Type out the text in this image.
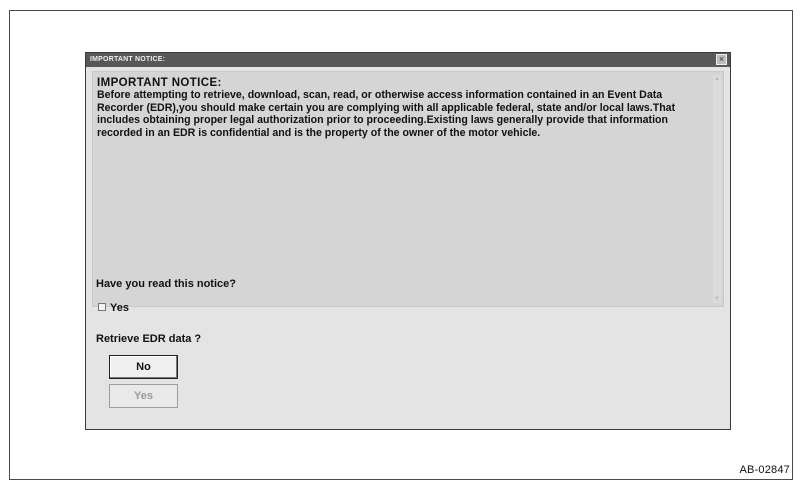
IMPORTANT NOTICE:	×
IMPORTANT NOTICE:

Before attempting to retrieve, download, scan, read, or otherwise access information contained in an Event Data Recorder (EDR),you should make certain you are complying with all applicable federal, state and/or local laws.That includes obtaining proper legal authorization prior to proceeding.Existing laws generally provide that information recorded in an EDR is confidential and is the property of the owner of the motor vehicle.

▲
▼
Have you read this notice?
Yes
Retrieve EDR data ?
No
Yes
AB-02847
